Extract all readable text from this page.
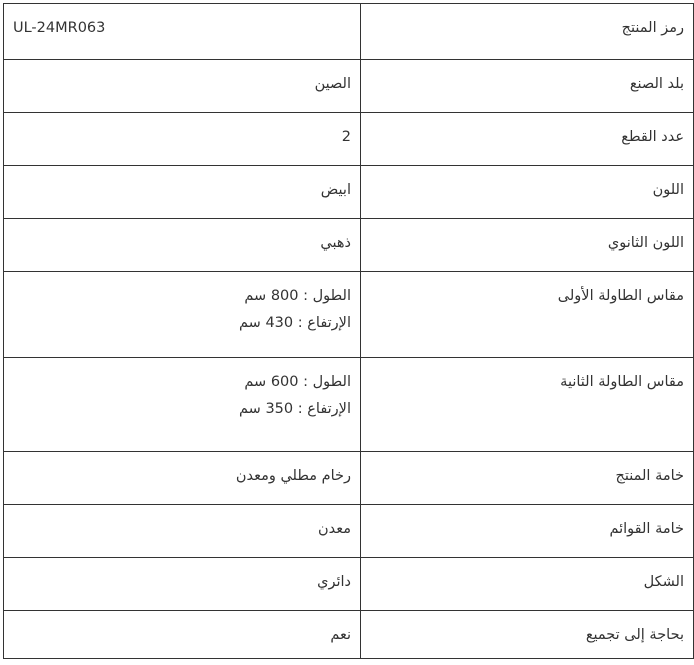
رمز المنتج	UL-24MR063
بلد الصنع	الصين
عدد القطع	2
اللون	ابيض
اللون الثانوي	ذهبي
مقاس الطاولة الأولى	الطول : 800 سم
الإرتفاع : 430 سم

مقاس الطاولة الثانية	الطول : 600 سم
الإرتفاع : 350 سم

خامة المنتج	رخام مطلي ومعدن
خامة القوائم	معدن
الشكل	دائري
بحاجة إلى تجميع	نعم
